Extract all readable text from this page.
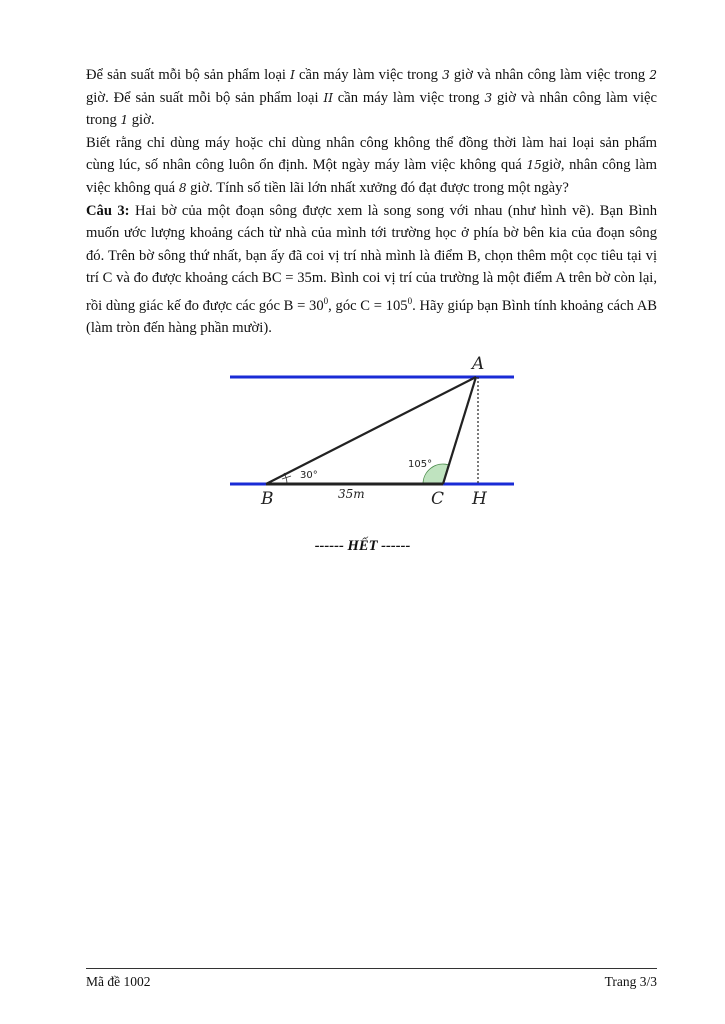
Để sản suất mỗi bộ sản phẩm loại I cần máy làm việc trong 3 giờ và nhân công làm việc trong 2 giờ. Để sản suất mỗi bộ sản phẩm loại II cần máy làm việc trong 3 giờ và nhân công làm việc trong 1 giờ.

Biết rằng chỉ dùng máy hoặc chỉ dùng nhân công không thể đồng thời làm hai loại sản phẩm cùng lúc, số nhân công luôn ổn định. Một ngày máy làm việc không quá 15giờ, nhân công làm việc không quá 8 giờ. Tính số tiền lãi lớn nhất xưởng đó đạt được trong một ngày?

Câu 3: Hai bờ của một đoạn sông được xem là song song với nhau (như hình vẽ). Bạn Bình muốn ước lượng khoảng cách từ nhà của mình tới trường học ở phía bờ bên kia của đoạn sông đó. Trên bờ sông thứ nhất, bạn ấy đã coi vị trí nhà mình là điểm B, chọn thêm một cọc tiêu tại vị trí C và đo được khoảng cách BC = 35m. Bình coi vị trí của trường là một điểm A trên bờ còn lại, rồi dùng giác kế đo được các góc $B = 30^0$, góc $C = 105^0$. Hãy giúp bạn Bình tính khoảng cách AB (làm tròn đến hàng phần mười).

A
B	C H
30°
105°
35m
------ HẾT ------
Mã đề 1002	Trang 3/3
